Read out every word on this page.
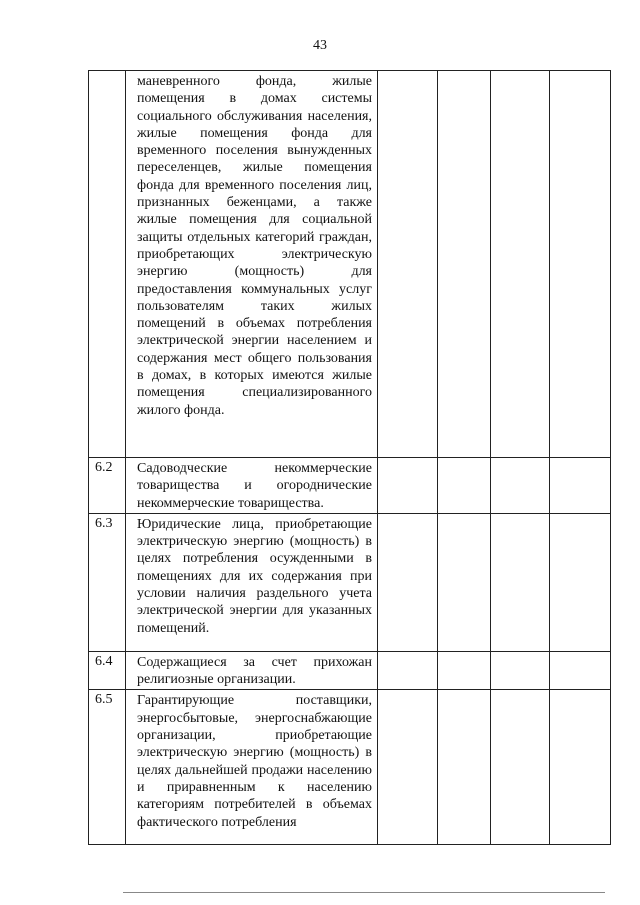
43
	маневренного фонда, жилые помещения в домах системы социального обслуживания населения, жилые помещения фонда для временного поселения вынужденных переселенцев, жилые помещения фонда для временного поселения лиц, признанных беженцами, а также жилые помещения для социальной защиты отдельных категорий граждан, приобретающих электрическую энергию (мощность) для предоставления коммунальных услуг пользователям таких жилых помещений в объемах потребления электрической энергии населением и содержания мест общего пользования в домах, в которых имеются жилые помещения специализированного жилого фонда.				
6.2	Садоводческие некоммерческие товарищества и огороднические некоммерческие товарищества.				
6.3	Юридические лица, приобретающие электрическую энергию (мощность) в целях потребления осужденными в помещениях для их содержания при условии наличия раздельного учета электрической энергии для указанных помещений.				
6.4	Содержащиеся за счет прихожан религиозные организации.				
6.5	Гарантирующие поставщики, энергосбытовые, энергоснабжающие организации, приобретающие электрическую энергию (мощность) в целях дальнейшей продажи населению и приравненным к населению категориям потребителей в объемах фактического потребления				
